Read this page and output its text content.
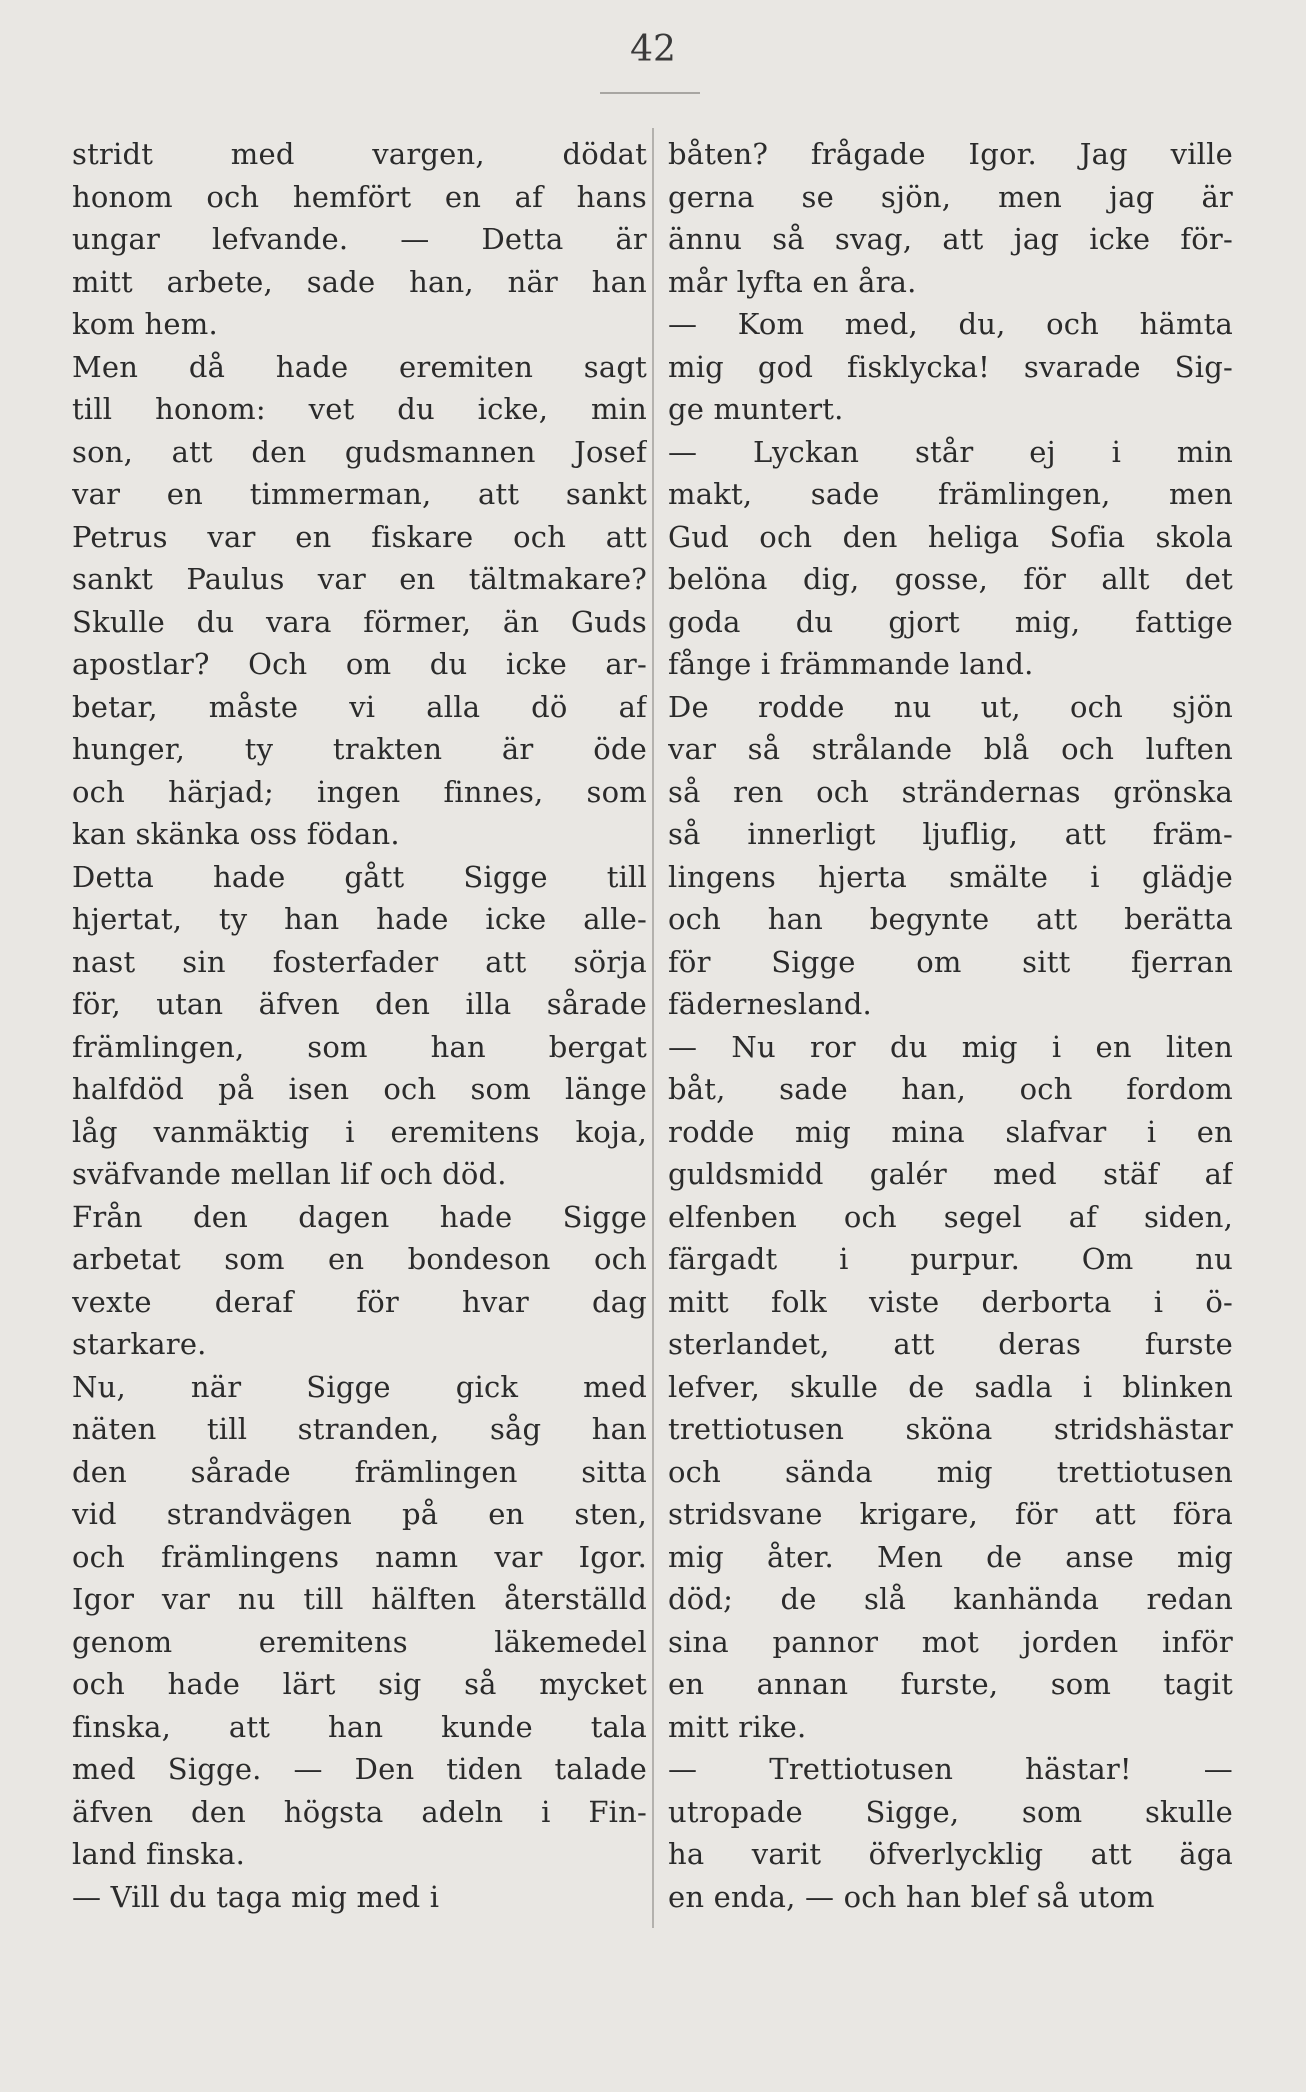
42
stridt med vargen, dödat
honom och hemfört en af hans
ungar lefvande. — Detta är
mitt arbete, sade han, när han
kom hem.
Men då hade eremiten sagt
till honom: vet du icke, min
son, att den gudsmannen Josef
var en timmerman, att sankt
Petrus var en fiskare och att
sankt Paulus var en tältmakare?
Skulle du vara förmer, än Guds
apostlar? Och om du icke ar-
betar, måste vi alla dö af
hunger, ty trakten är öde
och härjad; ingen finnes, som
kan skänka oss födan.
Detta hade gått Sigge till
hjertat, ty han hade icke alle-
nast sin fosterfader att sörja
för, utan äfven den illa sårade
främlingen, som han bergat
halfdöd på isen och som länge
låg vanmäktig i eremitens koja,
sväfvande mellan lif och död.
Från den dagen hade Sigge
arbetat som en bondeson och
vexte deraf för hvar dag
starkare.
Nu, när Sigge gick med
näten till stranden, såg han
den sårade främlingen sitta
vid strandvägen på en sten,
och främlingens namn var Igor.
Igor var nu till hälften återställd
genom eremitens läkemedel
och hade lärt sig så mycket
finska, att han kunde tala
med Sigge. — Den tiden talade
äfven den högsta adeln i Fin-
land finska.
— Vill du taga mig med i
båten? frågade Igor. Jag ville
gerna se sjön, men jag är
ännu så svag, att jag icke för-
mår lyfta en åra.
— Kom med, du, och hämta
mig god fisklycka! svarade Sig-
ge muntert.
— Lyckan står ej i min
makt, sade främlingen, men
Gud och den heliga Sofia skola
belöna dig, gosse, för allt det
goda du gjort mig, fattige
fånge i främmande land.
De rodde nu ut, och sjön
var så strålande blå och luften
så ren och strändernas grönska
så innerligt ljuflig, att främ-
lingens hjerta smälte i glädje
och han begynte att berätta
för Sigge om sitt fjerran
fädernesland.
— Nu ror du mig i en liten
båt, sade han, och fordom
rodde mig mina slafvar i en
guldsmidd galér med stäf af
elfenben och segel af siden,
färgadt i purpur. Om nu
mitt folk viste derborta i ö-
sterlandet, att deras furste
lefver, skulle de sadla i blinken
trettiotusen sköna stridshästar
och sända mig trettiotusen
stridsvane krigare, för att föra
mig åter. Men de anse mig
död; de slå kanhända redan
sina pannor mot jorden inför
en annan furste, som tagit
mitt rike.
— Trettiotusen hästar! —
utropade Sigge, som skulle
ha varit öfverlycklig att äga
en enda, — och han blef så utom
